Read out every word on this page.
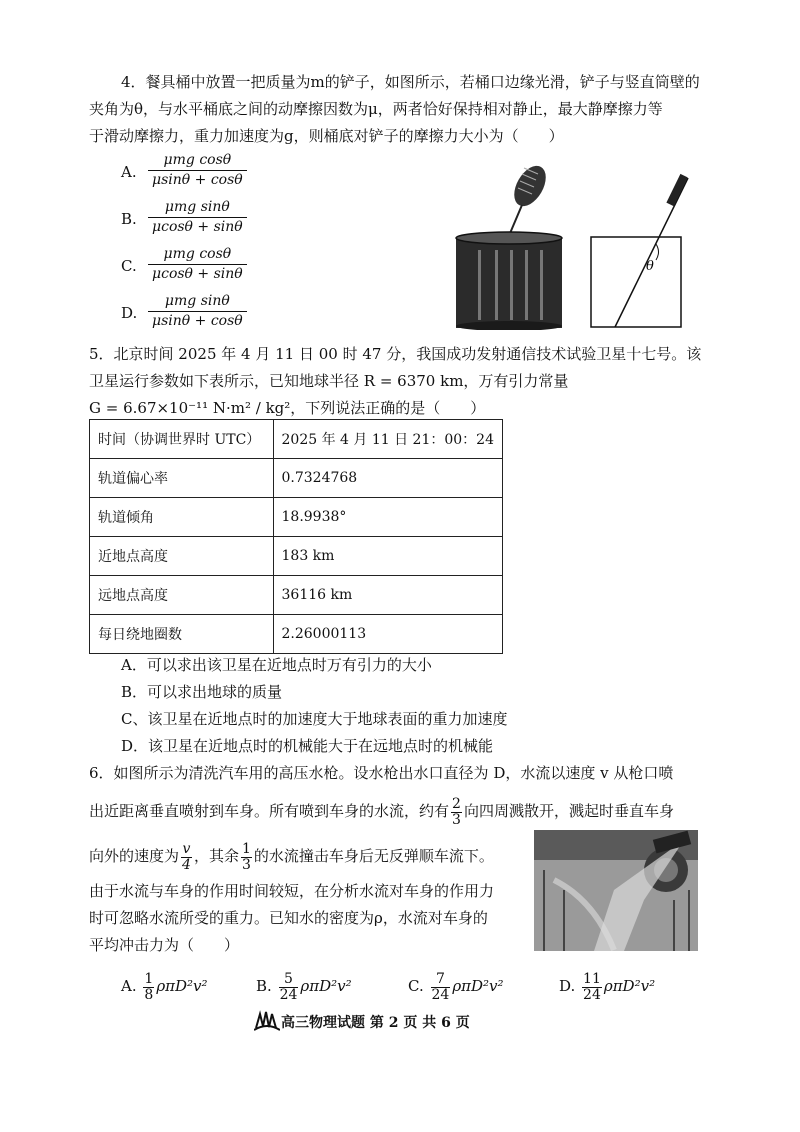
4．餐具桶中放置一把质量为m的铲子，如图所示，若桶口边缘光滑，铲子与竖直筒壁的
夹角为θ，与水平桶底之间的动摩擦因数为μ，两者恰好保持相对静止，最大静摩擦力等
于滑动摩擦力，重力加速度为g，则桶底对铲子的摩擦力大小为（　　）
A.
μmg cosθ
μsinθ + cosθ
B.
μmg sinθ
μcosθ + sinθ
C.
μmg cosθ
μcosθ + sinθ
D.
μmg sinθ
μsinθ + cosθ
θ
5．北京时间 2025 年 4 月 11 日 00 时 47 分，我国成功发射通信技术试验卫星十七号。该
卫星运行参数如下表所示，已知地球半径 R = 6370 km，万有引力常量
G = 6.67×10⁻¹¹ N·m² / kg²，下列说法正确的是（　　）
时间（协调世界时 UTC）	2025 年 4 月 11 日 21：00：24
轨道偏心率	0.7324768
轨道倾角	18.9938°
近地点高度	183 km
远地点高度	36116 km
每日绕地圈数	2.26000113
A．可以求出该卫星在近地点时万有引力的大小
B．可以求出地球的质量
C、该卫星在近地点时的加速度大于地球表面的重力加速度
D．该卫星在近地点时的机械能大于在远地点时的机械能
6．如图所示为清洗汽车用的高压水枪。设水枪出水口直径为 D，水流以速度 v 从枪口喷
出近距离垂直喷射到车身。所有喷到车身的水流，约有 $\frac{2}{3}$ 向四周溅散开，溅起时垂直车身
向外的速度为 $\frac{v}{4}$ ，其余 $\frac{1}{3}$ 的水流撞击车身后无反弹顺车流下。
由于水流与车身的作用时间较短，在分析水流对车身的作用力
时可忽略水流所受的重力。已知水的密度为ρ，水流对车身的
平均冲击力为（　　）
A. $\frac{1}{8} \rho\pi D^2v^2$	B. $\frac{5}{24} \rho\pi D^2v^2$	C. $\frac{7}{24} \rho\pi D^2v^2$	D. $\frac{11}{24} \rho\pi D^2v^2$
高三物理试题 第 2 页 共 6 页
